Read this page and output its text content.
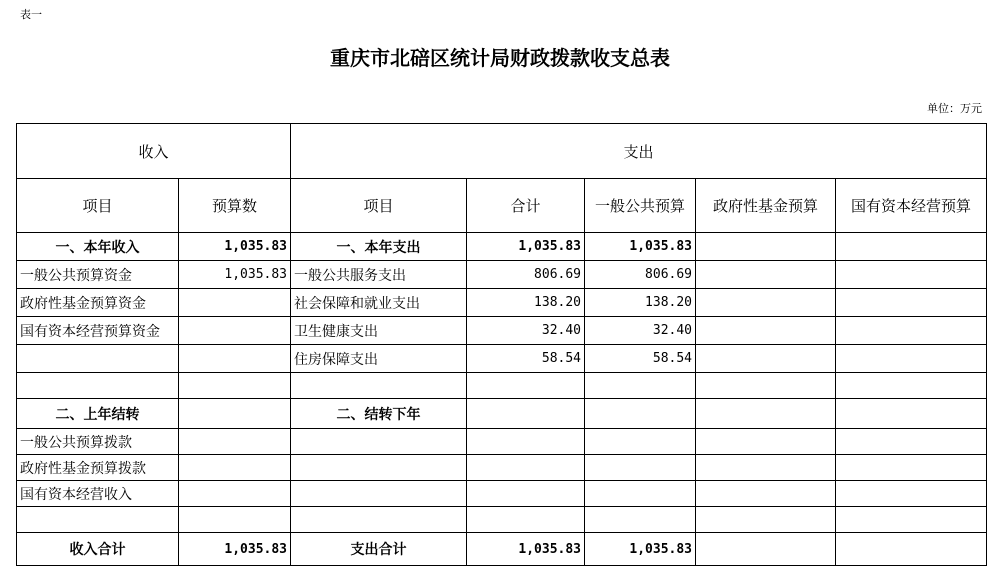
表一
重庆市北碚区统计局财政拨款收支总表
单位：万元
收入		支出				
项目	预算数	项目	合计	一般公共预算	政府性基金预算	国有资本经营预算
一、本年收入	1,035.83	一、本年支出	1,035.83	1,035.83		
一般公共预算资金	1,035.83	一般公共服务支出	806.69	806.69		
政府性基金预算资金		社会保障和就业支出	138.20	138.20		
国有资本经营预算资金		卫生健康支出	32.40	32.40		
		住房保障支出	58.54	58.54		

二、上年结转		二、结转下年				
一般公共预算拨款						
政府性基金预算拨款						
国有资本经营收入						

收入合计	1,035.83	支出合计	1,035.83	1,035.83		
